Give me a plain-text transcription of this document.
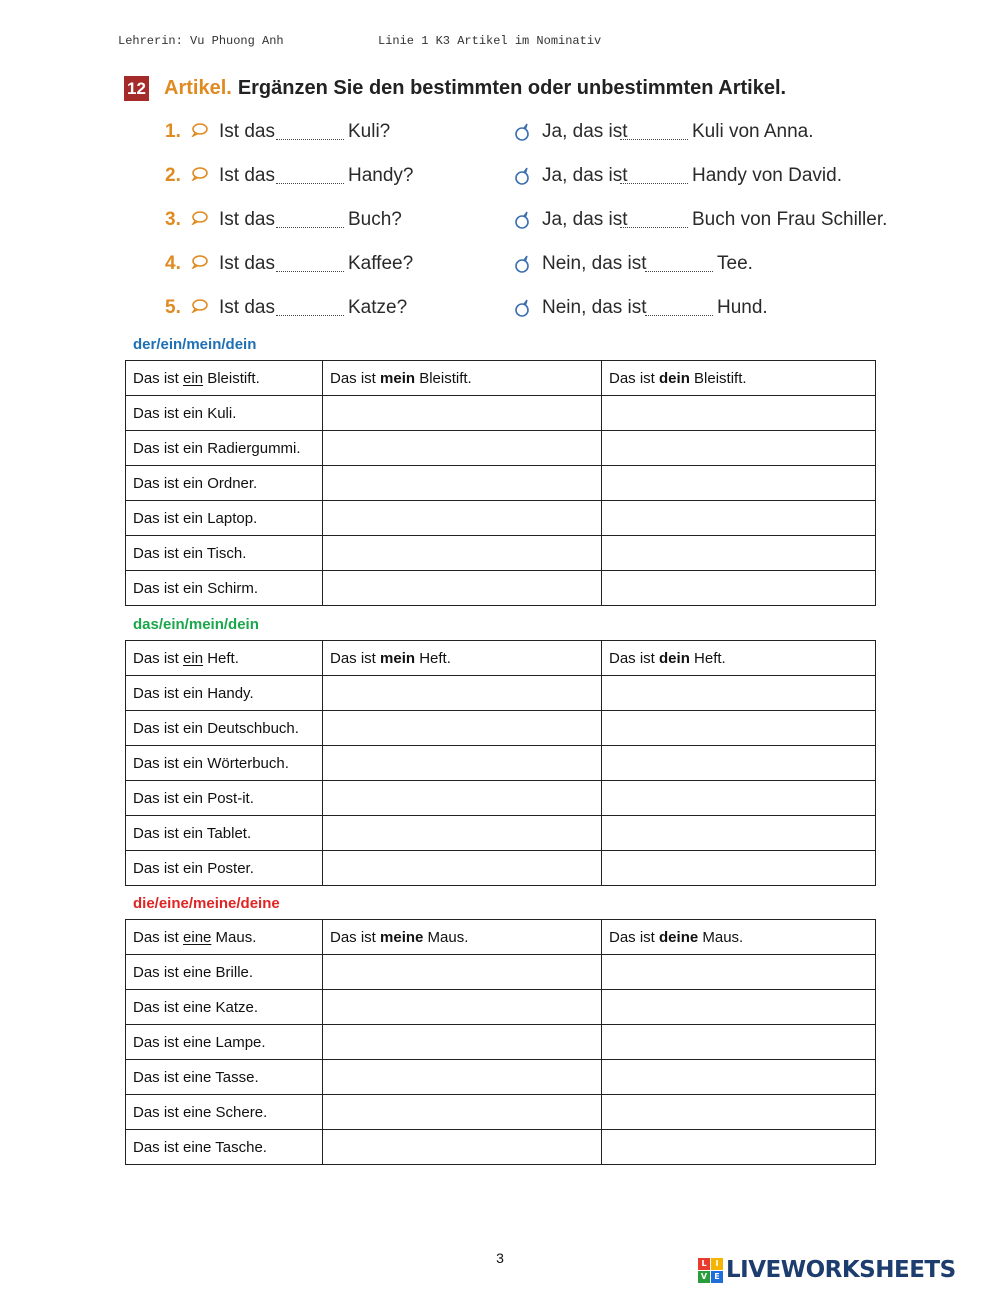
Lehrerin: Vu Phuong Anh	Linie 1 K3 Artikel im Nominativ
12 Artikel. Ergänzen Sie den bestimmten oder unbestimmten Artikel.
1. Ist das	Kuli?	Ja, das ist	Kuli von Anna.
2. Ist das	Handy?	Ja, das ist	Handy von David.
3. Ist das	Buch?	Ja, das ist	Buch von Frau Schiller.
4. Ist das	Kaffee?	Nein, das ist	Tee.
5. Ist das	Katze?	Nein, das ist	Hund.
der/ein/mein/dein
Das ist ein Bleistift.	Das ist mein Bleistift.	Das ist dein Bleistift.
Das ist ein Kuli.		
Das ist ein Radiergummi.		
Das ist ein Ordner.		
Das ist ein Laptop.		
Das ist ein Tisch.		
Das ist ein Schirm.		
das/ein/mein/dein
Das ist ein Heft.	Das ist mein Heft.	Das ist dein Heft.
Das ist ein Handy.		
Das ist ein Deutschbuch.		
Das ist ein Wörterbuch.		
Das ist ein Post-it.		
Das ist ein Tablet.		
Das ist ein Poster.		
die/eine/meine/deine
Das ist eine Maus.	Das ist meine Maus.	Das ist deine Maus.
Das ist eine Brille.		
Das ist eine Katze.		
Das ist eine Lampe.		
Das ist eine Tasse.		
Das ist eine Schere.		
Das ist eine Tasche.		
3	L	I
V E LIVEWORKSHEETS
